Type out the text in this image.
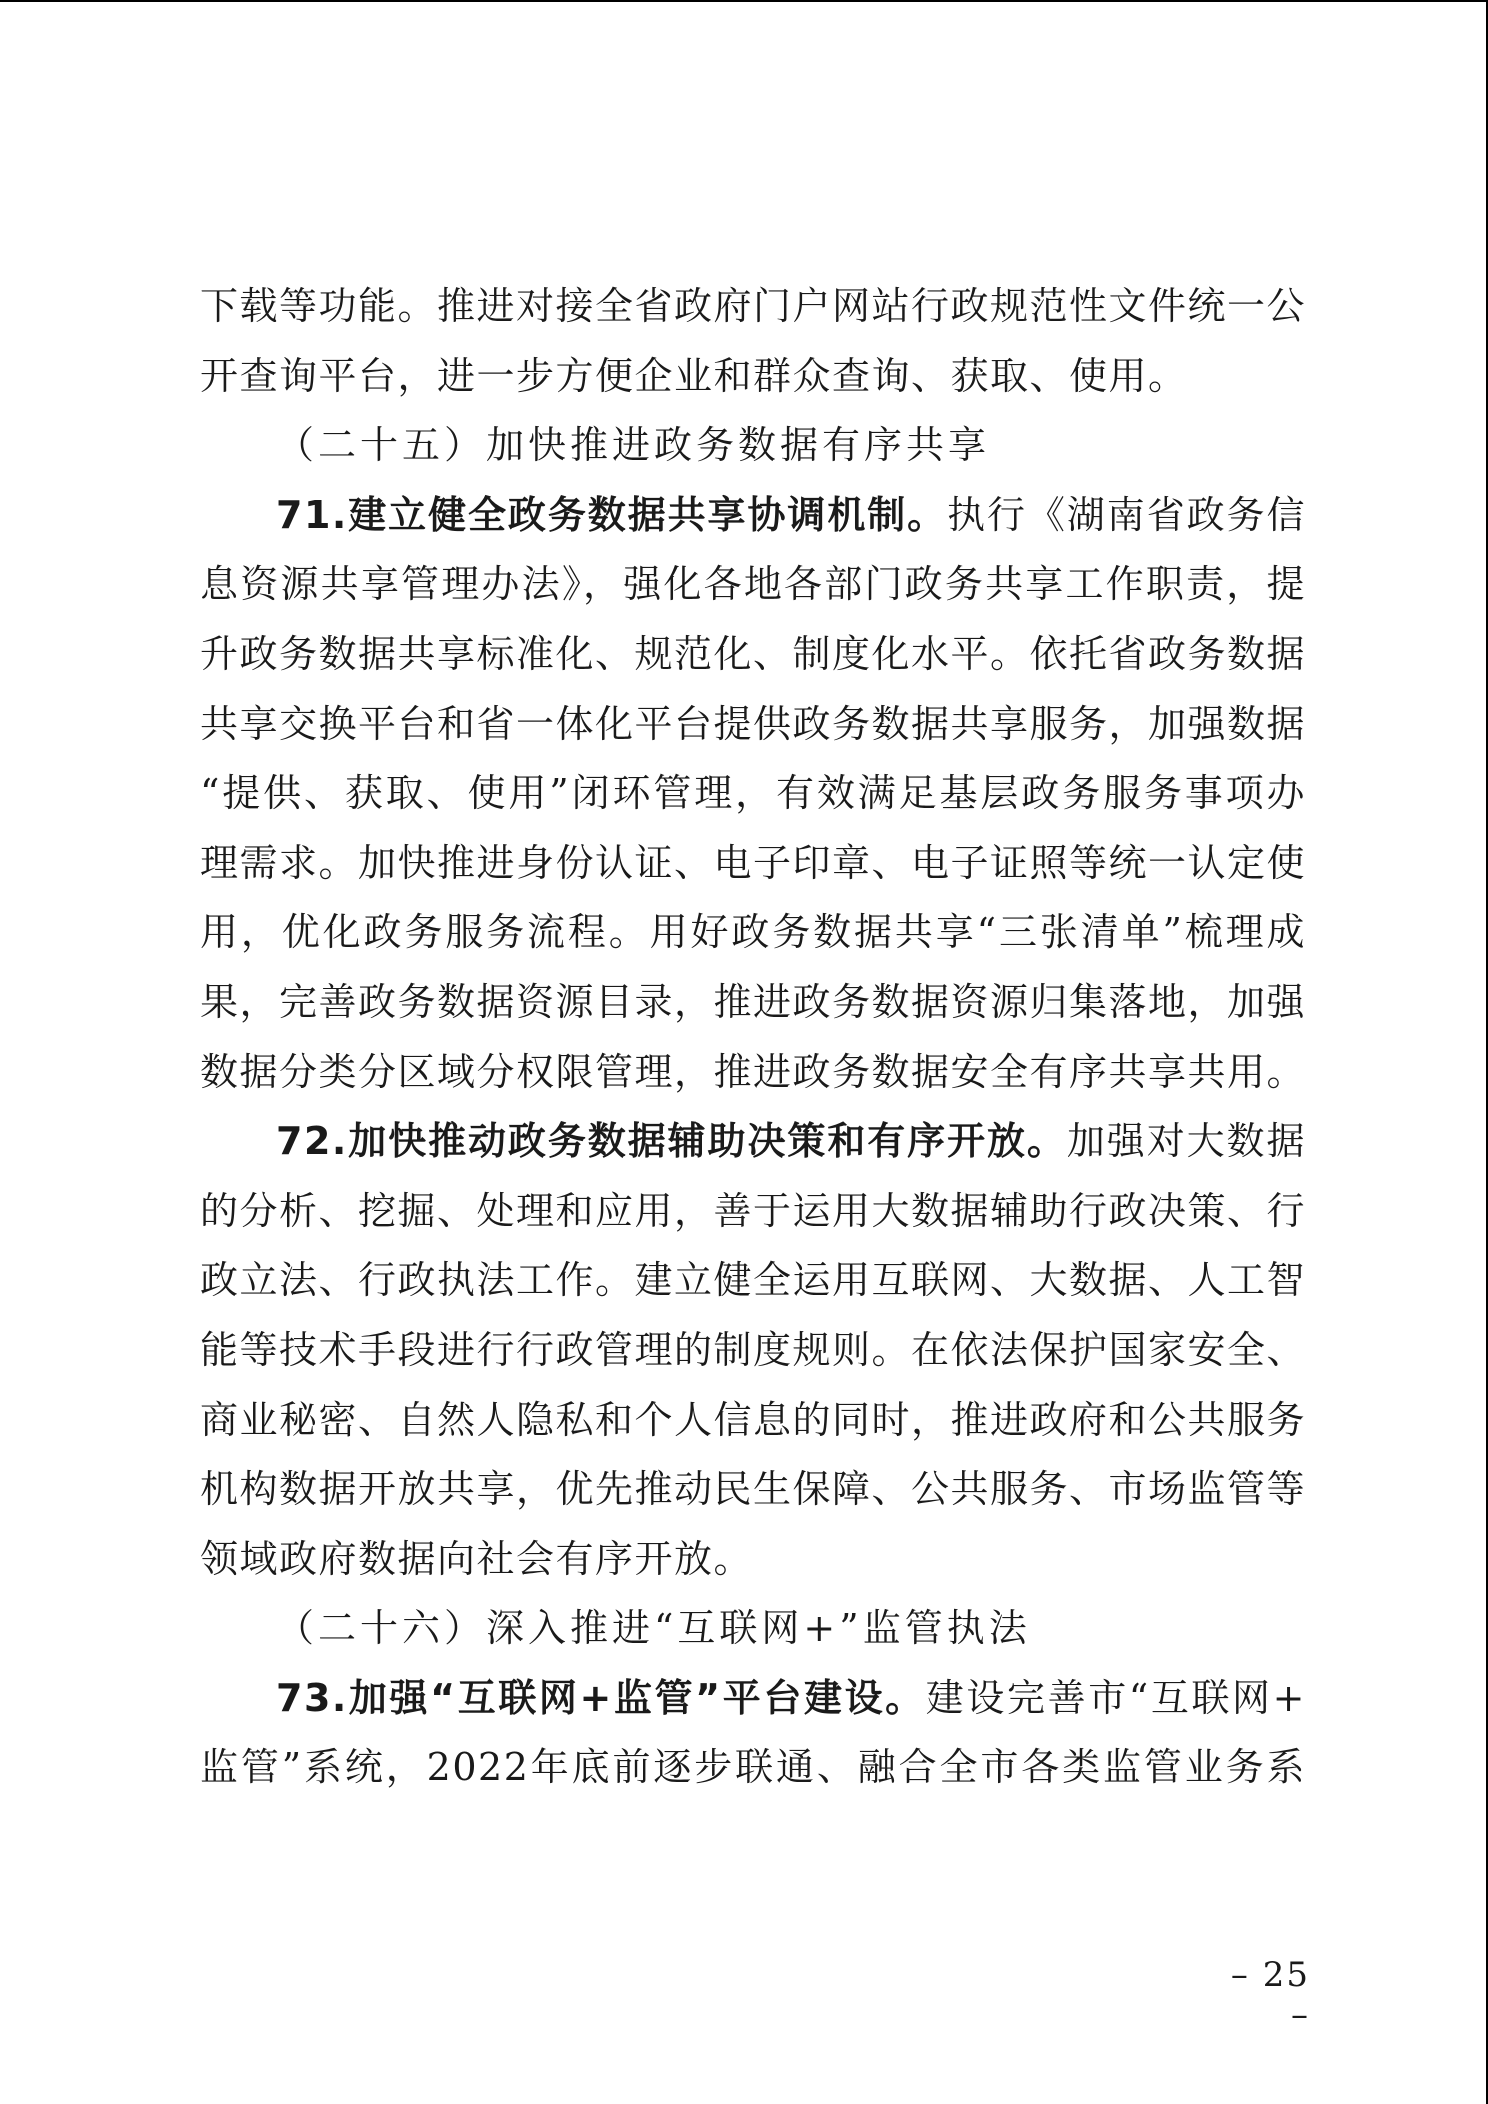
下载等功能。推进对接全省政府门户网站行政规范性文件统一公
开查询平台，进一步方便企业和群众查询、获取、使用。
（二十五）加快推进政务数据有序共享
71.建立健全政务数据共享协调机制。执行《湖南省政务信
息资源共享管理办法》，强化各地各部门政务共享工作职责，提
升政务数据共享标准化、规范化、制度化水平。依托省政务数据
共享交换平台和省一体化平台提供政务数据共享服务，加强数据
“提供、获取、使用”闭环管理，有效满足基层政务服务事项办
理需求。加快推进身份认证、电子印章、电子证照等统一认定使
用，优化政务服务流程。用好政务数据共享“三张清单”梳理成
果，完善政务数据资源目录，推进政务数据资源归集落地，加强
数据分类分区域分权限管理，推进政务数据安全有序共享共用。
72.加快推动政务数据辅助决策和有序开放。加强对大数据
的分析、挖掘、处理和应用，善于运用大数据辅助行政决策、行
政立法、行政执法工作。建立健全运用互联网、大数据、人工智
能等技术手段进行行政管理的制度规则。在依法保护国家安全、
商业秘密、自然人隐私和个人信息的同时，推进政府和公共服务
机构数据开放共享，优先推动民生保障、公共服务、市场监管等
领域政府数据向社会有序开放。
（二十六）深入推进“互联网+”监管执法
73.加强“互联网+监管”平台建设。建设完善市“互联网+
监管”系统，2022年底前逐步联通、融合全市各类监管业务系
– 25 –
